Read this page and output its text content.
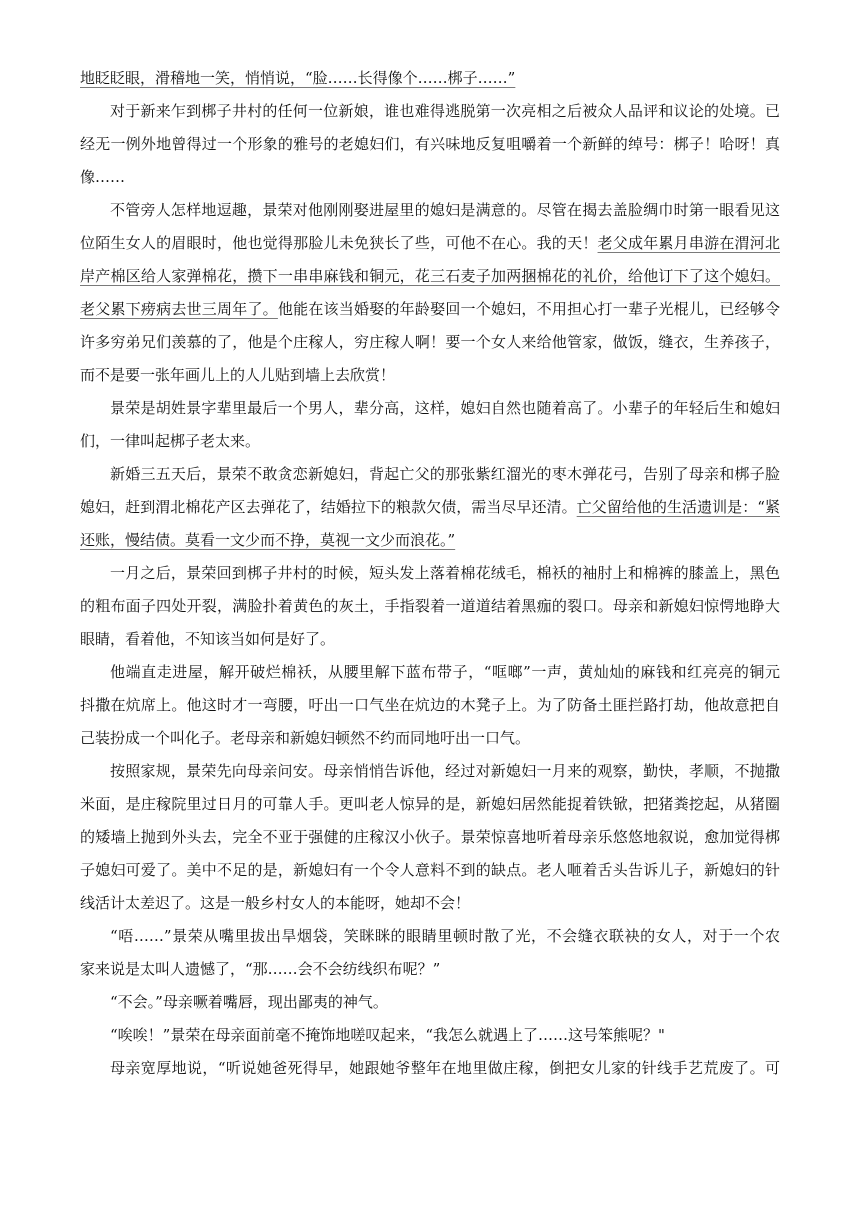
地眨眨眼，滑稽地一笑，悄悄说，“脸……长得像个……梆子……”
对于新来乍到梆子井村的任何一位新娘，谁也难得逃脱第一次亮相之后被众人品评和议论的处境。已
经无一例外地曾得过一个形象的雅号的老媳妇们，有兴味地反复咀嚼着一个新鲜的绰号：梆子！哈呀！真
像……
不管旁人怎样地逗趣，景荣对他刚刚娶进屋里的媳妇是满意的。尽管在揭去盖脸绸巾时第一眼看见这
位陌生女人的眉眼时，他也觉得那脸儿未免狭长了些，可他不在心。我的天！老父成年累月串游在渭河北
岸产棉区给人家弹棉花，攒下一串串麻钱和铜元，花三石麦子加两捆棉花的礼价，给他订下了这个媳妇。
老父累下痨病去世三周年了。他能在该当婚娶的年龄娶回一个媳妇，不用担心打一辈子光棍儿，已经够令
许多穷弟兄们羡慕的了，他是个庄稼人，穷庄稼人啊！要一个女人来给他管家，做饭，缝衣，生养孩子，
而不是要一张年画儿上的人儿贴到墙上去欣赏！
景荣是胡姓景字辈里最后一个男人，辈分高，这样，媳妇自然也随着高了。小辈子的年轻后生和媳妇
们，一律叫起梆子老太来。
新婚三五天后，景荣不敢贪恋新媳妇，背起亡父的那张紫红溜光的枣木弹花弓，告别了母亲和梆子脸
媳妇，赶到渭北棉花产区去弹花了，结婚拉下的粮款欠债，需当尽早还清。亡父留给他的生活遗训是：“紧
还账，慢结债。莫看一文少而不挣，莫视一文少而浪花。”
一月之后，景荣回到梆子井村的时候，短头发上落着棉花绒毛，棉袄的袖肘上和棉裤的膝盖上，黑色
的粗布面子四处开裂，满脸扑着黄色的灰土，手指裂着一道道结着黑痂的裂口。母亲和新媳妇惊愕地睁大
眼睛，看着他，不知该当如何是好了。
他端直走进屋，解开破烂棉袄，从腰里解下蓝布带子，“哐啷”一声，黄灿灿的麻钱和红亮亮的铜元
抖撒在炕席上。他这时才一弯腰，吁出一口气坐在炕边的木凳子上。为了防备土匪拦路打劫，他故意把自
己装扮成一个叫化子。老母亲和新媳妇顿然不约而同地吁出一口气。
按照家规，景荣先向母亲问安。母亲悄悄告诉他，经过对新媳妇一月来的观察，勤快，孝顺，不抛撒
米面，是庄稼院里过日月的可靠人手。更叫老人惊异的是，新媳妇居然能捉着铁锨，把猪粪挖起，从猪圈
的矮墙上抛到外头去，完全不亚于强健的庄稼汉小伙子。景荣惊喜地听着母亲乐悠悠地叙说，愈加觉得梆
子媳妇可爱了。美中不足的是，新媳妇有一个令人意料不到的缺点。老人咂着舌头告诉儿子，新媳妇的针
线活计太差迟了。这是一般乡村女人的本能呀，她却不会！
“唔……”景荣从嘴里拔出旱烟袋，笑眯眯的眼睛里顿时散了光，不会缝衣联袂的女人，对于一个农
家来说是太叫人遗憾了，“那……会不会纺线织布呢？”
“不会。”母亲噘着嘴唇，现出鄙夷的神气。
“唉唉！”景荣在母亲面前毫不掩饰地嗟叹起来，“我怎么就遇上了……这号笨熊呢？"
母亲宽厚地说，“听说她爸死得早，她跟她爷整年在地里做庄稼，倒把女儿家的针线手艺荒废了。可
